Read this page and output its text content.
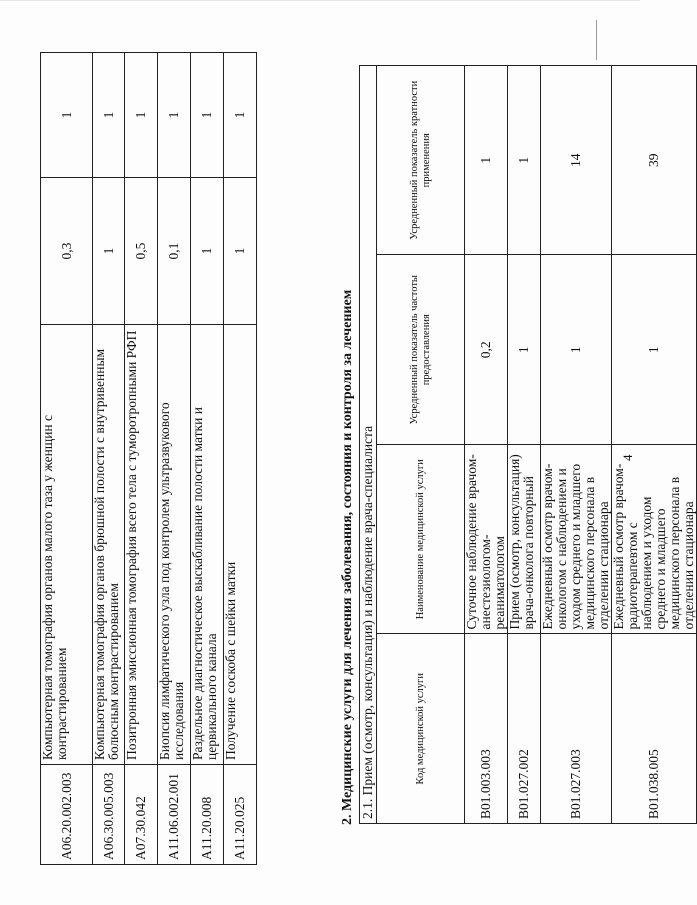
4
A06.20.002.003	Компьютерная томография органов малого таза у женщин с контрастированием	0,3	1
A06.30.005.003	Компьютерная томография органов брюшной полости с внутривенным болюсным контрастированием	1	1
A07.30.042	Позитронная эмиссионная томография всего тела с туморотропными РФП	0,5	1
A11.06.002.001	Биопсия лимфатического узла под контролем ультразвукового исследования	0,1	1
A11.20.008	Раздельное диагностическое выскабливание полости матки и цервикального канала	1	1
A11.20.025	Получение соскоба с шейки матки	1	1
2. Медицинские услуги для лечения заболевания, состояния и контроля за лечением 2.1. Прием (осмотр, консультация) и наблюдение врача-специалиста			
Код медицинской услуги	Наименование медицинской услуги	Усредненный показатель частоты предоставления	Усредненный показатель кратности применения
B01.003.003	Суточное наблюдение врачом-анестезиологом-реаниматологом	0,2	1
B01.027.002	Прием (осмотр, консультация) врача-онколога повторный	1	1
B01.027.003	Ежедневный осмотр врачом-онкологом с наблюдением и уходом среднего и младшего медицинского персонала в отделении стационара	1	14
B01.038.005	Ежедневный осмотр врачом-радиотерапевтом с наблюдением и уходом среднего и младшего медицинского персонала в отделении стационара	1	39
